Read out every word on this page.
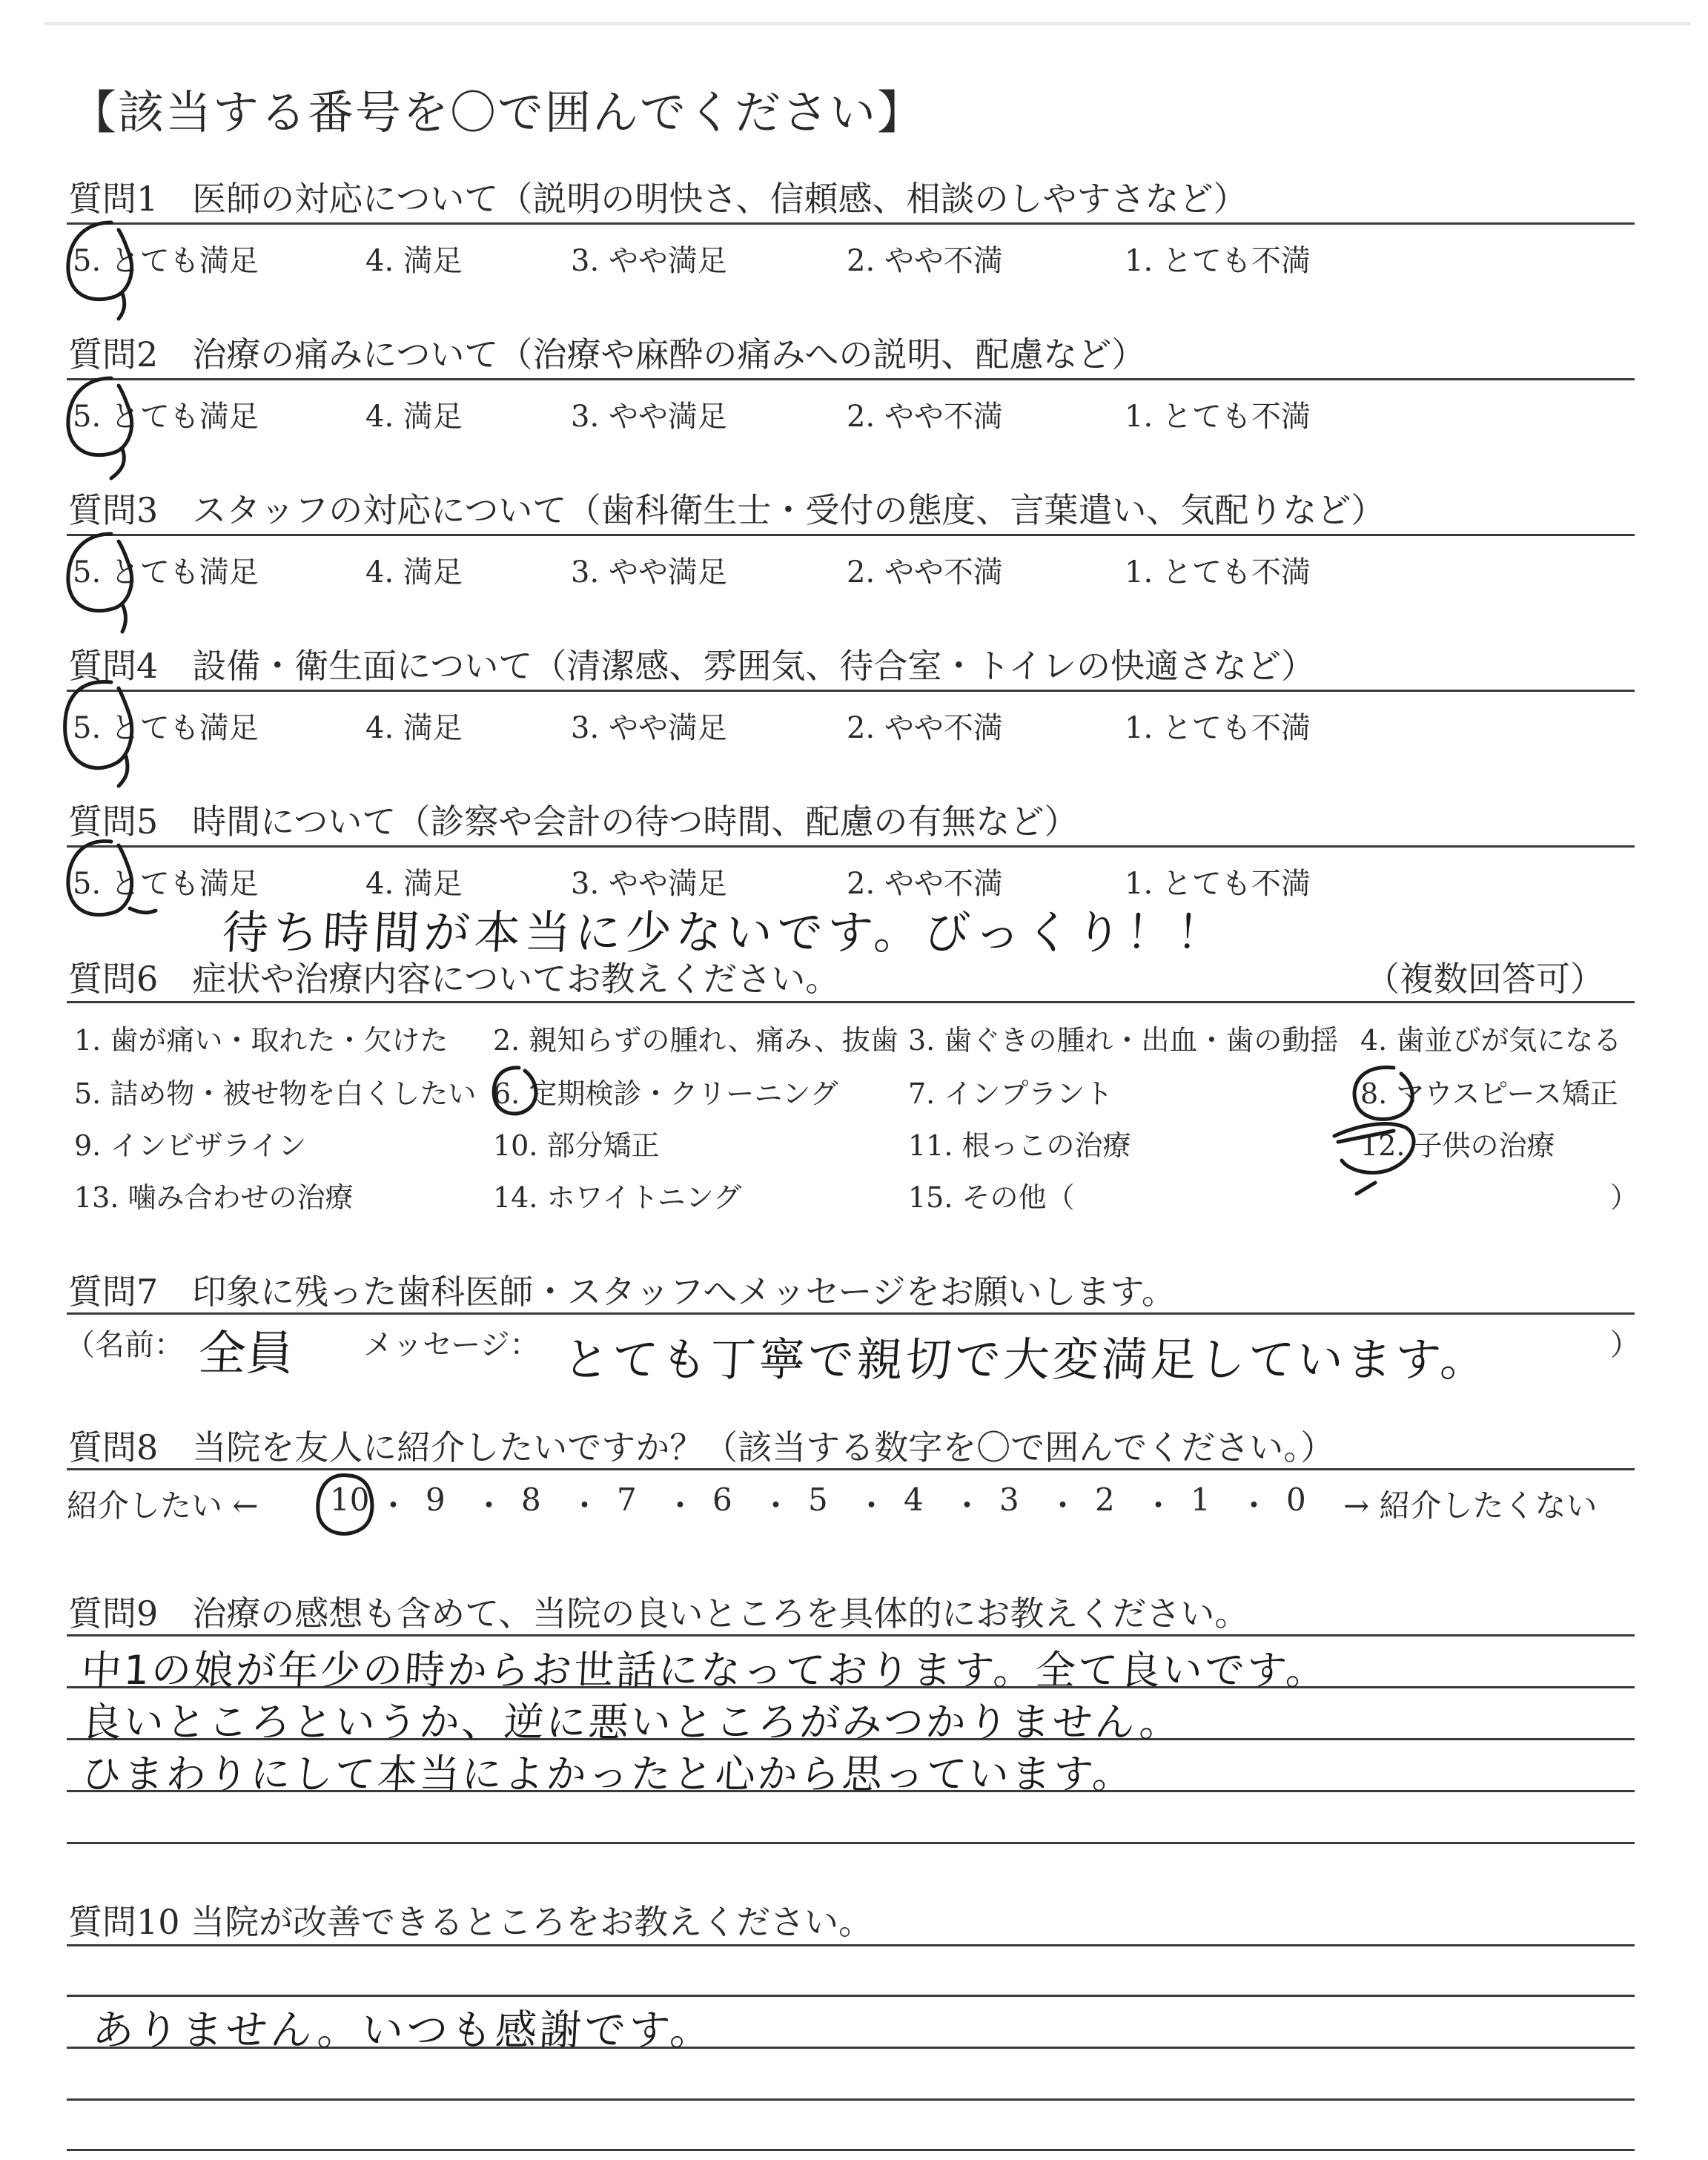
【該当する番号を〇で囲んでください】
質問1　医師の対応について（説明の明快さ、信頼感、相談のしやすさなど）
5. とても満足	4. 満足	3. やや満足	2. やや不満	1. とても不満
質問2　治療の痛みについて（治療や麻酔の痛みへの説明、配慮など）
5. とても満足	4. 満足	3. やや満足	2. やや不満	1. とても不満
質問3　スタッフの対応について（歯科衛生士・受付の態度、言葉遣い、気配りなど）
5. とても満足	4. 満足	3. やや満足	2. やや不満	1. とても不満
質問4　設備・衛生面について（清潔感、雰囲気、待合室・トイレの快適さなど）
5. とても満足	4. 満足	3. やや満足	2. やや不満	1. とても不満
質問5　時間について（診察や会計の待つ時間、配慮の有無など）
5. とても満足	4. 満足	3. やや満足	2. やや不満	1. とても不満
待ち時間が本当に少ないです。びっくり！！
質問6　症状や治療内容についてお教えください。	（複数回答可）
1. 歯が痛い・取れた・欠けた 2. 親知らずの腫れ、痛み、抜歯 3. 歯ぐきの腫れ・出血・歯の動揺 4. 歯並びが気になる
5. 詰め物・被せ物を白くしたい 6. 定期検診・クリーニング 7. インプラント	8. マウスピース矯正
9. インビザライン	10. 部分矯正	11. 根っこの治療	12. 子供の治療
13. 噛み合わせの治療	14. ホワイトニング	15. その他（	）
質問7　印象に残った歯科医師・スタッフへメッセージをお願いします。
（名前： 全員 メッセージ： とても丁寧で親切で大変満足しています。	）
質問8　当院を友人に紹介したいですか？（該当する数字を〇で囲んでください。）
紹介したい ← 10 ・ 9 ・ 8 ・ 7 ・ 6 ・ 5 ・ 4 ・ 3 ・ 2 ・ 1 ・ 0 → 紹介したくない
質問9　治療の感想も含めて、当院の良いところを具体的にお教えください。
中1の娘が年少の時からお世話になっております。全て良いです。
良いところというか、逆に悪いところがみつかりません。
ひまわりにして本当によかったと心から思っています。
質問10 当院が改善できるところをお教えください。
ありません。いつも感謝です。
